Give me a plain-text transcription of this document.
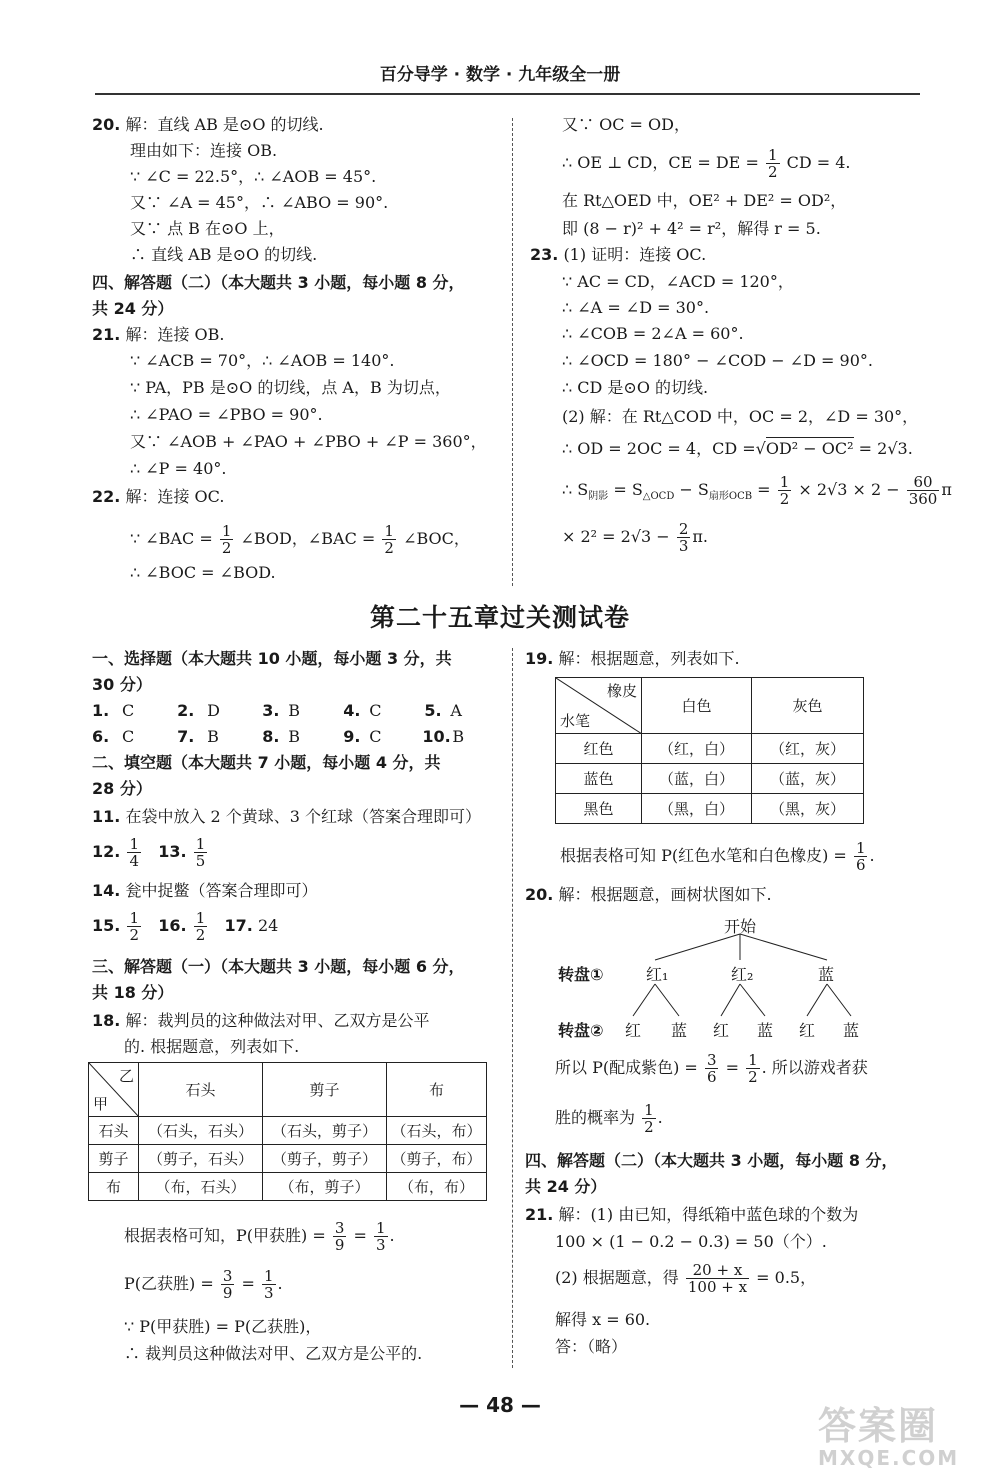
百分导学 · 数学 · 九年级全一册
20. 解：直线 AB 是⊙O 的切线.
理由如下：连接 OB.
∵ ∠C = 22.5°，∴ ∠AOB = 45°.
又∵ ∠A = 45°，∴ ∠ABO = 90°.
又∵ 点 B 在⊙O 上，
∴ 直线 AB 是⊙O 的切线.
四、解答题（二）（本大题共 3 小题，每小题 8 分，
共 24 分）
21. 解：连接 OB.
∵ ∠ACB = 70°，∴ ∠AOB = 140°.
∵ PA，PB 是⊙O 的切线，点 A，B 为切点，
∴ ∠PAO = ∠PBO = 90°.
又∵ ∠AOB + ∠PAO + ∠PBO + ∠P = 360°，
∴ ∠P = 40°.
22. 解：连接 OC.
∵ ∠BAC = $\frac{1}{2}$ ∠BOD，∠BAC = $\frac{1}{2}$ ∠BOC，
∴ ∠BOC = ∠BOD.
又∵ OC = OD，
∴ OE ⊥ CD，CE = DE = $\frac{1}{2}$ CD = 4.
在 Rt△OED 中，OE² + DE² = OD²，
即 (8 − r)² + 4² = r²，解得 r = 5.
23. (1) 证明：连接 OC.
∵ AC = CD，∠ACD = 120°，
∴ ∠A = ∠D = 30°.
∴ ∠COB = 2∠A = 60°.
∴ ∠OCD = 180° − ∠COD − ∠D = 90°.
∴ CD 是⊙O 的切线.
(2) 解：在 Rt△COD 中，OC = 2，∠D = 30°，
∴ OD = 2OC = 4，CD =√OD² − OC² = 2√3.
∴ $S_{阴影} = S_{\triangle OCD} - S_{扇形OCB} = \frac{1}{2} \times 2√3 \times 2 - \frac{60}{360}$ π
× $2^2 = 2√3 - \frac{2}{3} \pi$.
第二十五章过关测试卷
一、选择题（本大题共 10 小题，每小题 3 分，共
30 分）
1. C	2. D	3. B	4. C	5. A
6. C	7. B	8. B	9. C	10. B
二、填空题（本大题共 7 小题，每小题 4 分，共
28 分）
11. 在袋中放入 2 个黄球、3 个红球（答案合理即可）
12. $\frac{1}{4} 13$. $\frac{1}{5}$
14. 瓮中捉鳖（答案合理即可）
15. $\frac{1}{2} 16$. $\frac{1}{2} 17$. 24
三、解答题（一）（本大题共 3 小题，每小题 6 分，
共 18 分）
18. 解：裁判员的这种做法对甲、乙双方是公平
的. 根据题意，列表如下.
乙
甲	石头	剪子	布
石头	（石头，石头）	（石头，剪子）	（石头，布）
剪子	（剪子，石头）	（剪子，剪子）	（剪子，布）
布	（布，石头）	（布，剪子）	（布，布）
根据表格可知，P(甲获胜) = $\frac{3}{9} = \frac{1}{3}$ .
P(乙获胜) = $\frac{3}{9} = \frac{1}{3}$ .
∵ P(甲获胜) = P(乙获胜)，
∴ 裁判员这种做法对甲、乙双方是公平的.
19. 解：根据题意，列表如下.
橡皮
水笔	白色	灰色
红色	（红，白）	（红，灰）
蓝色	（蓝，白）	（蓝，灰）
黑色	（黑，白）	（黑，灰）
根据表格可知 P(红色水笔和白色橡皮) = $\frac{1}{6}$ .
20. 解：根据题意，画树状图如下.
开始
转盘①	红₁	红₂	蓝
转盘② 红 蓝 红 蓝 红 蓝
所以 P(配成紫色) = $\frac{3}{6} = \frac{1}{2}$ . 所以游戏者获
胜的概率为 $\frac{1}{2}$ .
四、解答题（二）（本大题共 3 小题，每小题 8 分，
共 24 分）
21. 解：(1) 由已知，得纸箱中蓝色球的个数为
100 × (1 − 0.2 − 0.3) = 50（个）.
(2) 根据题意，得 $\frac{20 + x}{100 + x} = 0.5$，
解得 x = 60.
答：（略）
— 48 —	答案圈
MXQE.COM
